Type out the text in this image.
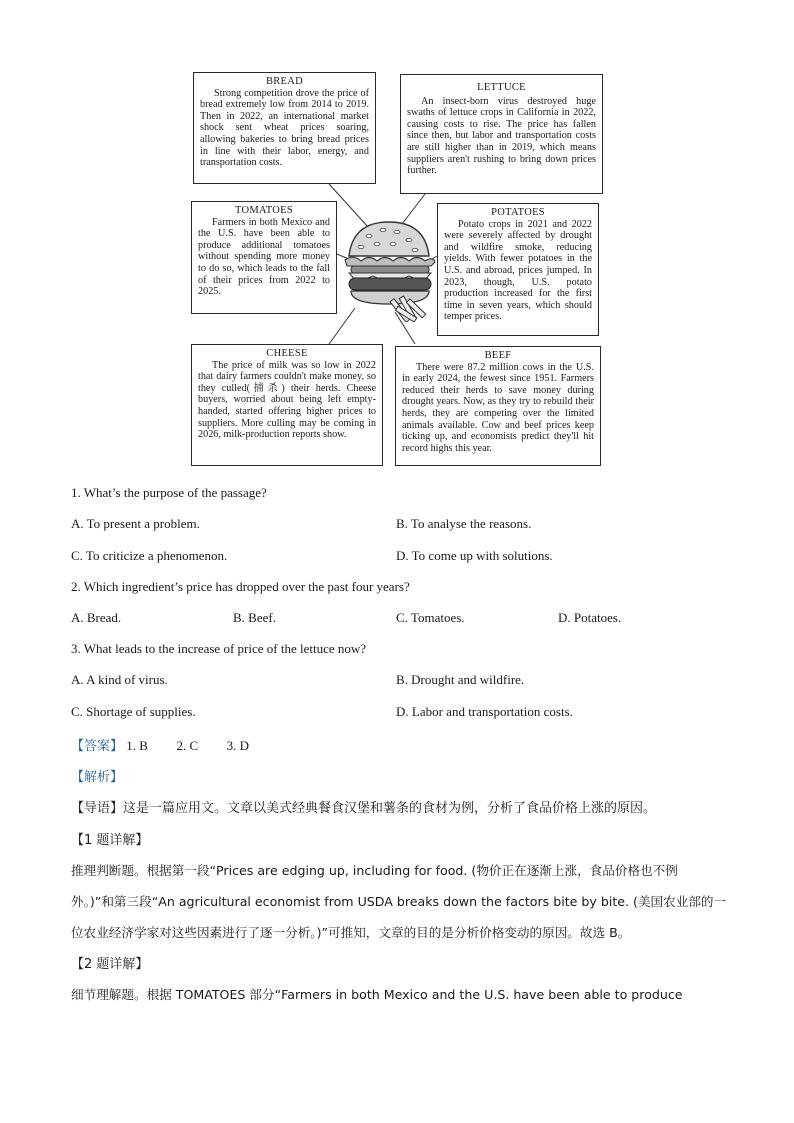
BREAD
Strong competition drove the price of bread extremely low from 2014 to 2019. Then in 2022, an international market shock sent wheat prices soaring, allowing bakeries to bring bread prices in line with their labor, energy, and transportation costs.
LETTUCE
An insect-born virus destroyed huge swaths of lettuce crops in California in 2022, causing costs to rise. The price has fallen since then, but labor and transportation costs are still higher than in 2019, which means suppliers aren't rushing to bring down prices further.
TOMATOES
Farmers in both Mexico and the U.S. have been able to produce additional tomatoes without spending more money to do so, which leads to the fall of their prices from 2022 to 2025.
POTATOES
Potato crops in 2021 and 2022 were severely affected by drought and wildfire smoke, reducing yields. With fewer potatoes in the U.S. and abroad, prices jumped. In 2023, though, U.S. potato production increased for the first time in seven years, which should temper prices.
CHEESE
The price of milk was so low in 2022 that dairy farmers couldn't make money, so they culled(捕杀) their herds. Cheese buyers, worried about being left empty-handed, started offering higher prices to suppliers. More culling may be coming in 2026, milk-production reports show.
BEEF
There were 87.2 million cows in the U.S. in early 2024, the fewest since 1951. Farmers reduced their herds to save money during drought years. Now, as they try to rebuild their herds, they are competing over the limited animals available. Cow and beef prices keep ticking up, and economists predict they'll hit record highs this year.
1. What’s the purpose of the passage?
A. To present a problem.	B. To analyse the reasons.
C. To criticize a phenomenon.	D. To come up with solutions.
2. Which ingredient’s price has dropped over the past four years?
A. Bread.	B. Beef.	C. Tomatoes.	D. Potatoes.
3. What leads to the increase of price of the lettuce now?
A. A kind of virus.	B. Drought and wildfire.
C. Shortage of supplies.	D. Labor and transportation costs.
【答案】 1. B 2. C 3. D
【解析】
【导语】这是一篇应用文。文章以美式经典餐食汉堡和薯条的食材为例，分析了食品价格上涨的原因。
【1 题详解】
推理判断题。根据第一段“Prices are edging up, including for food. (物价正在逐渐上涨，食品价格也不例
外。)”和第三段“An agricultural economist from USDA breaks down the factors bite by bite. (美国农业部的一
位农业经济学家对这些因素进行了逐一分析。)”可推知，文章的目的是分析价格变动的原因。故选 B。
【2 题详解】
细节理解题。根据 TOMATOES 部分“Farmers in both Mexico and the U.S. have been able to produce
